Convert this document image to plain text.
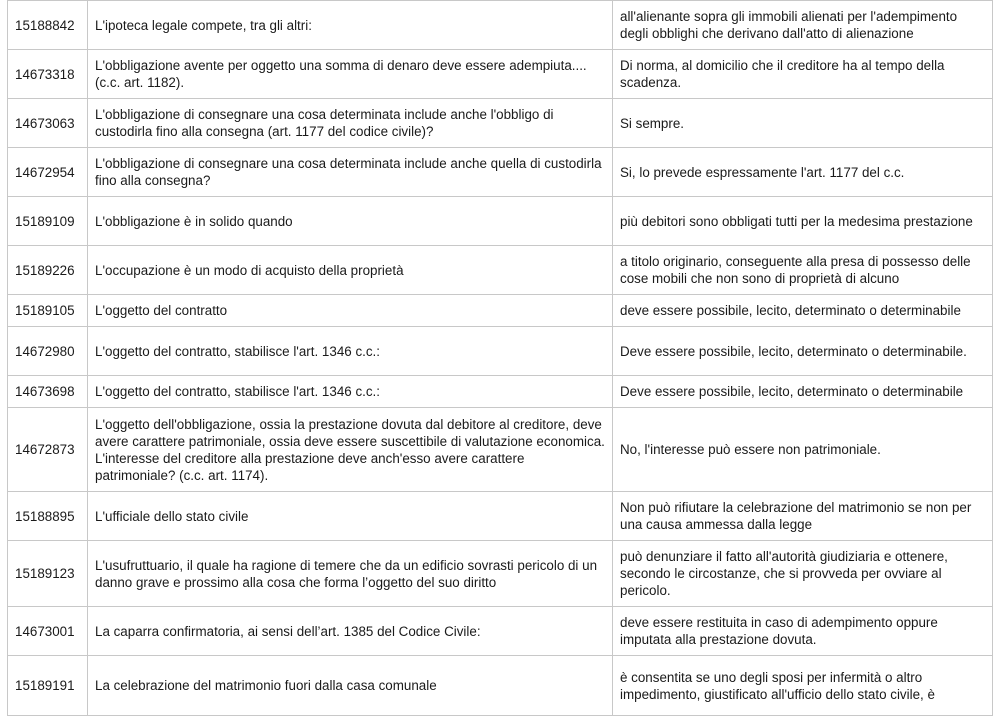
15188842	L'ipoteca legale compete, tra gli altri:	all'alienante sopra gli immobili alienati per l'adempimento degli obblighi che derivano dall'atto di alienazione
14673318	L'obbligazione avente per oggetto una somma di denaro deve essere adempiuta.... (c.c. art. 1182).	Di norma, al domicilio che il creditore ha al tempo della scadenza.
14673063	L'obbligazione di consegnare una cosa determinata include anche l'obbligo di custodirla fino alla consegna (art. 1177 del codice civile)?	Si sempre.
14672954	L'obbligazione di consegnare una cosa determinata include anche quella di custodirla fino alla consegna?	Si, lo prevede espressamente l'art. 1177 del c.c.
15189109	L'obbligazione è in solido quando	più debitori sono obbligati tutti per la medesima prestazione
15189226	L'occupazione è un modo di acquisto della proprietà	a titolo originario, conseguente alla presa di possesso delle cose mobili che non sono di proprietà di alcuno
15189105	L'oggetto del contratto	deve essere possibile, lecito, determinato o determinabile
14672980	L'oggetto del contratto, stabilisce l'art. 1346 c.c.:	Deve essere possibile, lecito, determinato o determinabile.
14673698	L'oggetto del contratto, stabilisce l'art. 1346 c.c.:	Deve essere possibile, lecito, determinato o determinabile
14672873	L'oggetto dell'obbligazione, ossia la prestazione dovuta dal debitore al creditore, deve avere carattere patrimoniale, ossia deve essere suscettibile di valutazione economica. L'interesse del creditore alla prestazione deve anch'esso avere carattere patrimoniale? (c.c. art. 1174).	No, l'interesse può essere non patrimoniale.
15188895	L'ufficiale dello stato civile	Non può rifiutare la celebrazione del matrimonio se non per una causa ammessa dalla legge
15189123	L'usufruttuario, il quale ha ragione di temere che da un edificio sovrasti pericolo di un danno grave e prossimo alla cosa che forma l’oggetto del suo diritto	può denunziare il fatto all'autorità giudiziaria e ottenere, secondo le circostanze, che si provveda per ovviare al pericolo.
14673001	La caparra confirmatoria, ai sensi dell’art. 1385 del Codice Civile:	deve essere restituita in caso di adempimento oppure imputata alla prestazione dovuta.
15189191	La celebrazione del matrimonio fuori dalla casa comunale	è consentita se uno degli sposi per infermità o altro impedimento, giustificato all'ufficio dello stato civile, è
